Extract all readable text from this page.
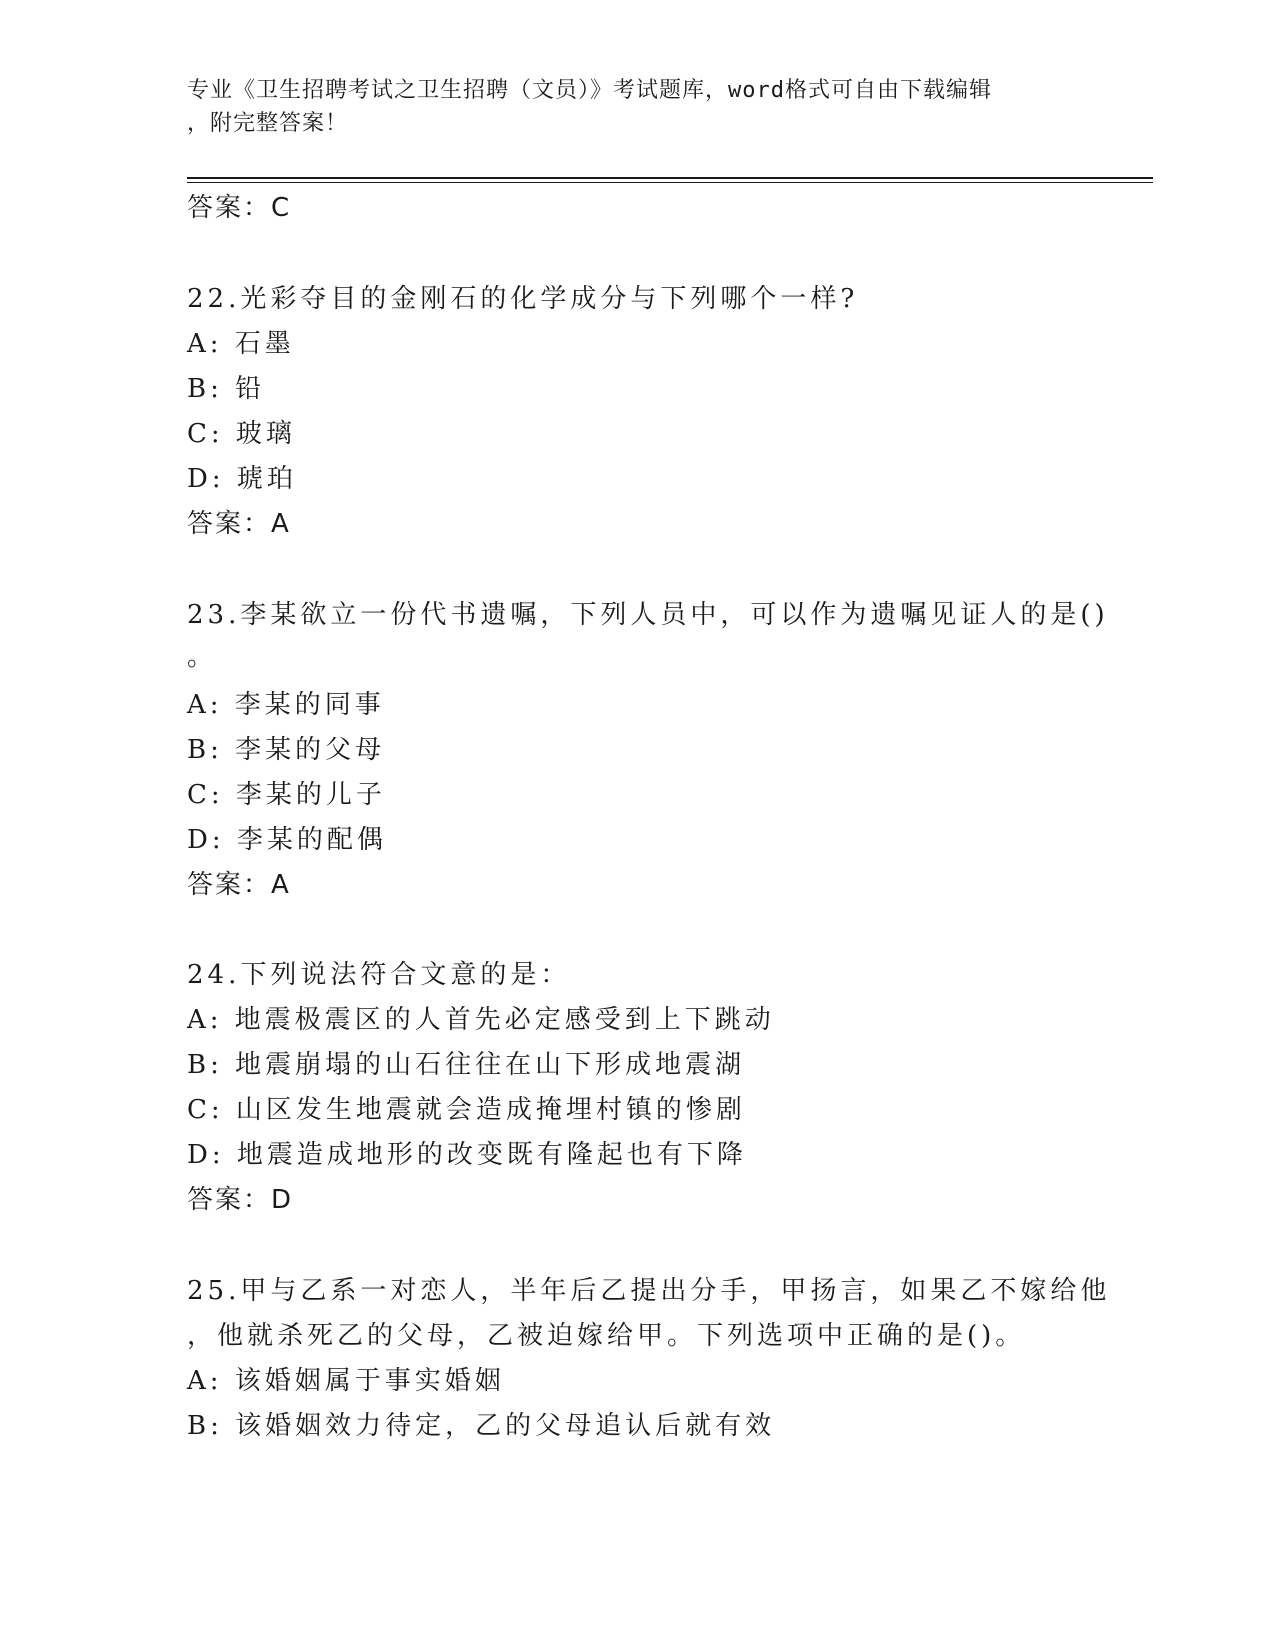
专业《卫生招聘考试之卫生招聘（文员）》考试题库，word格式可自由下载编辑
，附完整答案！
答案：C
22.光彩夺目的金刚石的化学成分与下列哪个一样?
A: 石墨
B: 铅
C: 玻璃
D: 琥珀
答案：A
23.李某欲立一份代书遗嘱，下列人员中，可以作为遗嘱见证人的是()
。
A: 李某的同事
B: 李某的父母
C: 李某的儿子
D: 李某的配偶
答案：A
24.下列说法符合文意的是：
A: 地震极震区的人首先必定感受到上下跳动
B: 地震崩塌的山石往往在山下形成地震湖
C: 山区发生地震就会造成掩埋村镇的惨剧
D: 地震造成地形的改变既有隆起也有下降
答案：D
25.甲与乙系一对恋人，半年后乙提出分手，甲扬言，如果乙不嫁给他
，他就杀死乙的父母，乙被迫嫁给甲。下列选项中正确的是()。
A: 该婚姻属于事实婚姻
B: 该婚姻效力待定，乙的父母追认后就有效
